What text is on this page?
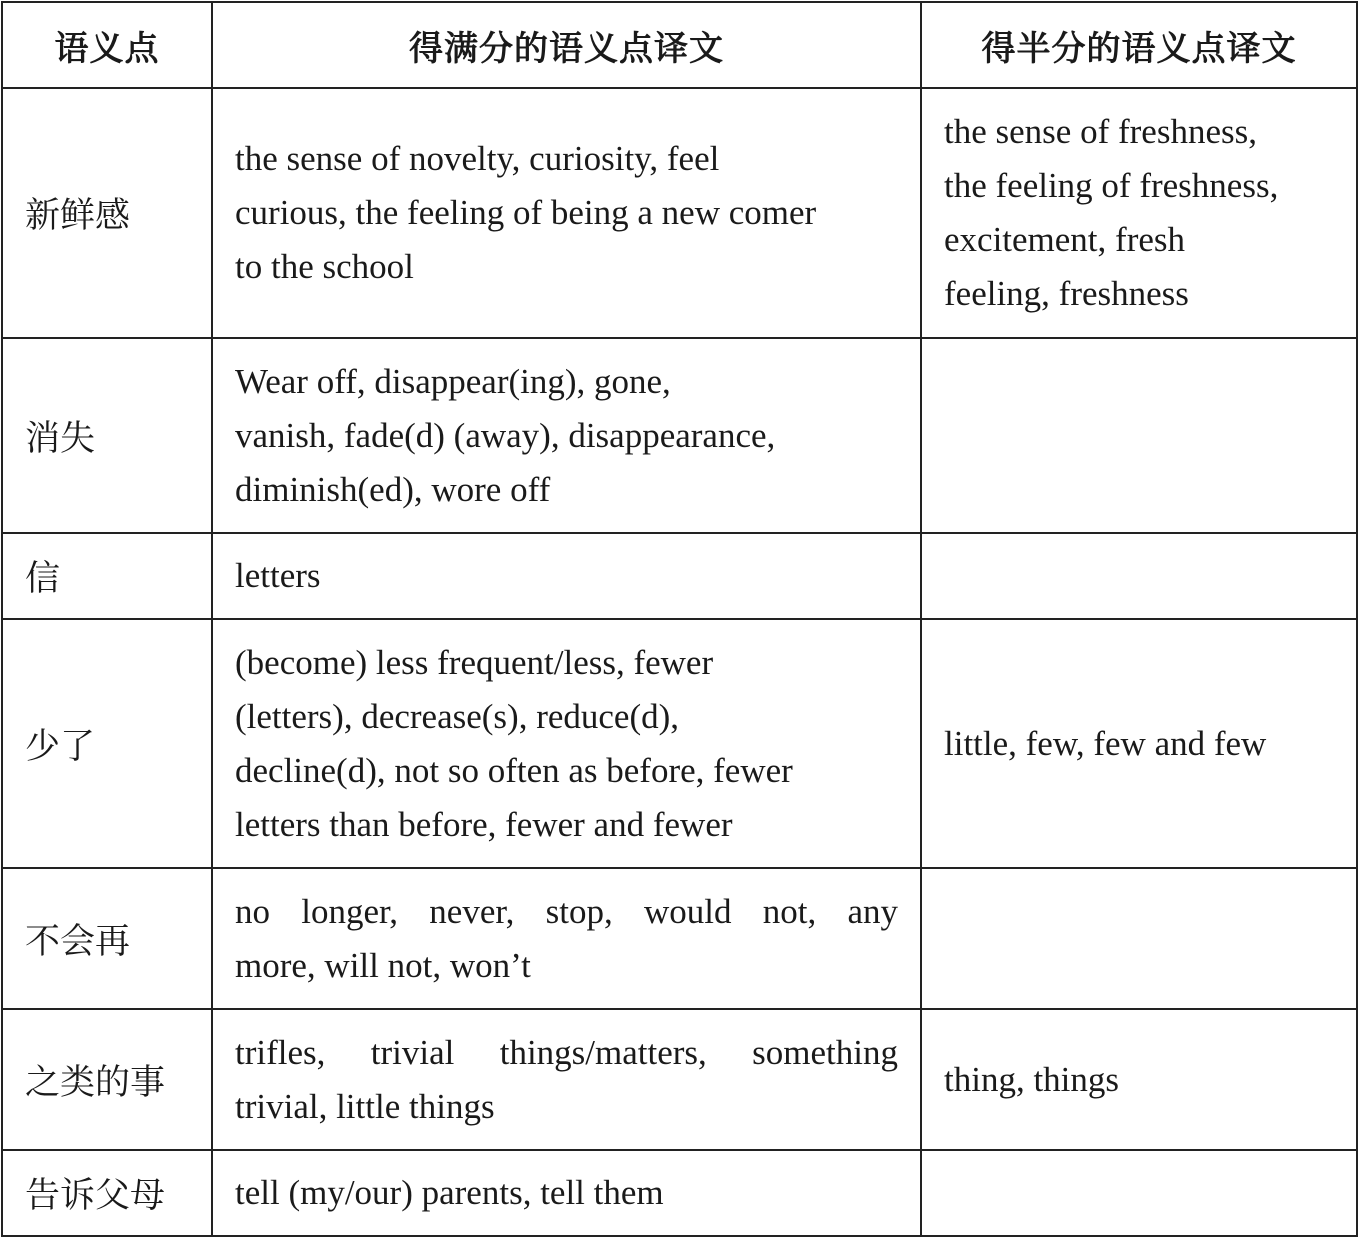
语义点	得满分的语义点译文	得半分的语义点译文
新鲜感	the sense of novelty, curiosity, feel
curious, the feeling of being a new comer
to the school	the sense of freshness,
the feeling of freshness,
excitement, fresh
feeling, freshness

消失	Wear off, disappear(ing), gone,
vanish, fade(d) (away), disappearance,
diminish(ed), wore off	

信	letters	

少了	(become) less frequent/less, fewer
(letters), decrease(s), reduce(d),
decline(d), not so often as before, fewer
letters than before, fewer and fewer	little, few, few and few

不会再	no longer, never, stop, would not, any
more, will not, won’t	

之类的事	trifles, trivial things/matters, something
trivial, little things	thing, things

告诉父母	tell (my/our) parents, tell them	
